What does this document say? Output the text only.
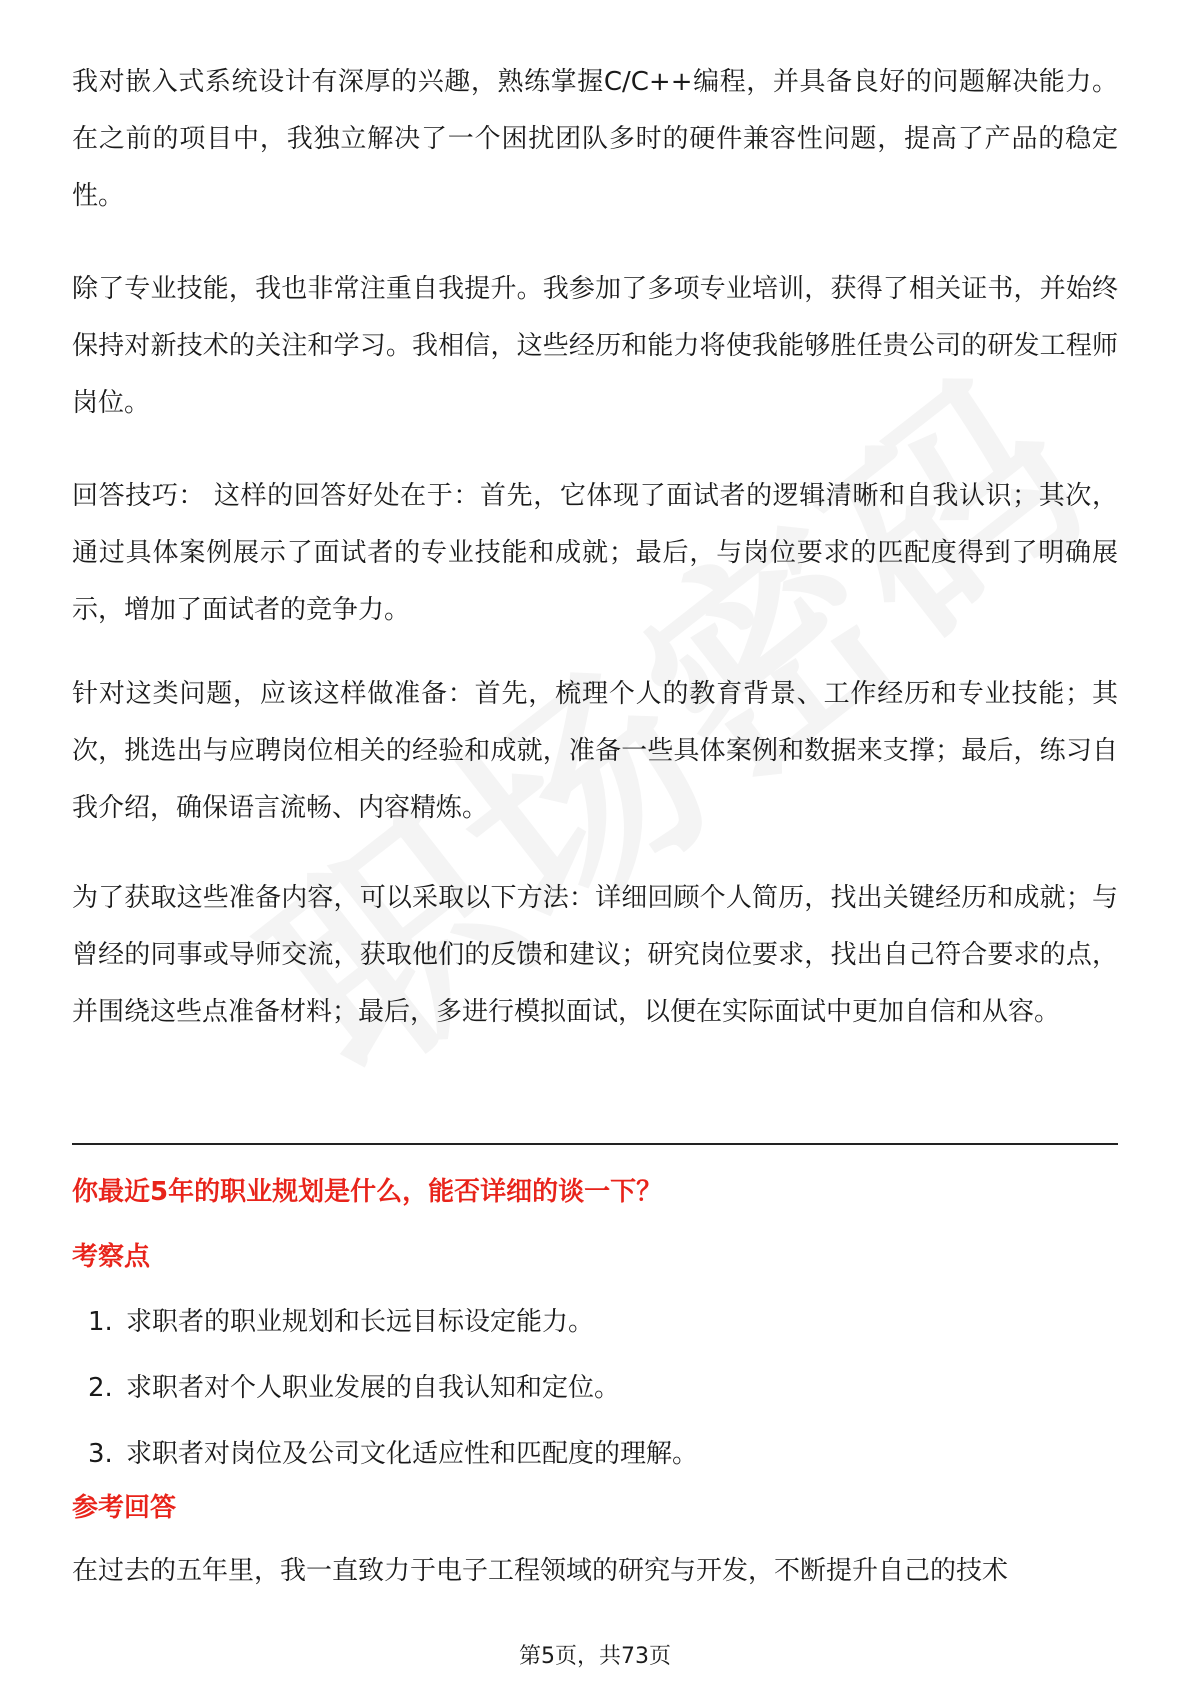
我对嵌入式系统设计有深厚的兴趣，熟练掌握C/C++编程，并具备良好的问题解决能力。在之前的项目中，我独立解决了一个困扰团队多时的硬件兼容性问题，提高了产品的稳定性。

除了专业技能，我也非常注重自我提升。我参加了多项专业培训，获得了相关证书，并始终保持对新技术的关注和学习。我相信，这些经历和能力将使我能够胜任贵公司的研发工程师岗位。

回答技巧： 这样的回答好处在于：首先，它体现了面试者的逻辑清晰和自我认识；其次，通过具体案例展示了面试者的专业技能和成就；最后，与岗位要求的匹配度得到了明确展示，增加了面试者的竞争力。

针对这类问题，应该这样做准备：首先，梳理个人的教育背景、工作经历和专业技能；其次，挑选出与应聘岗位相关的经验和成就，准备一些具体案例和数据来支撑；最后，练习自我介绍，确保语言流畅、内容精炼。

为了获取这些准备内容，可以采取以下方法：详细回顾个人简历，找出关键经历和成就；与曾经的同事或导师交流，获取他们的反馈和建议；研究岗位要求，找出自己符合要求的点，并围绕这些点准备材料；最后，多进行模拟面试，以便在实际面试中更加自信和从容。

你最近5年的职业规划是什么，能否详细的谈一下？
考察点
1. 求职者的职业规划和长远目标设定能力。
2. 求职者对个人职业发展的自我认知和定位。
3. 求职者对岗位及公司文化适应性和匹配度的理解。
参考回答

在过去的五年里，我一直致力于电子工程领域的研究与开发，不断提升自己的技术

第5页，共73页
